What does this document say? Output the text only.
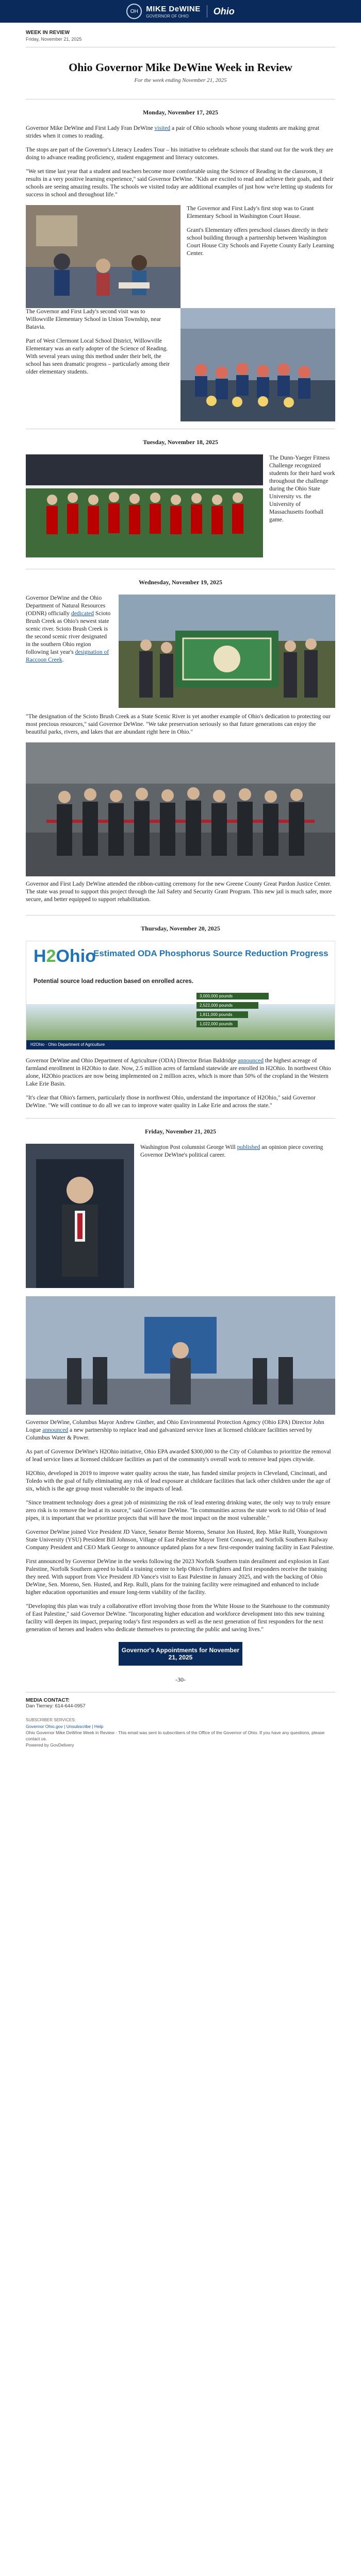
OH	MIKE DeWINE
GOVERNOR OF OHIO	Ohio
WEEK IN REVIEW
Friday, November 21, 2025
Ohio Governor Mike DeWine Week in Review
For the week ending November 21, 2025
Monday, November 17, 2025

Governor Mike DeWine and First Lady Fran DeWine visited a pair of Ohio schools whose young students are making great strides when it comes to reading.

The stops are part of the Governor's Literacy Leaders Tour – his initiative to celebrate schools that stand out for the work they are doing to advance reading proficiency, student engagement and literacy outcomes.

"We set time last year that a student and teachers become more comfortable using the Science of Reading in the classroom, it results in a very positive learning experience," said Governor DeWine. "Kids are excited to read and achieve their goals, and their schools are seeing amazing results. The schools we visited today are additional examples of just how we're letting up students for success in school and throughout life."

The Governor and First Lady's first stop was to Grant Elementary School in Washington Court House.

Grant's Elementary offers preschool classes directly in their school building through a partnership between Washington Court House City Schools and Fayette County Early Learning Center.

The Governor and First Lady's second visit was to Willowville Elementary School in Union Township, near Batavia.

Part of West Clermont Local School District, Willowville Elementary was an early adopter of the Science of Reading. With several years using this method under their belt, the school has seen dramatic progress – particularly among their older elementary students.

Tuesday, November 18, 2025

The Dunn-Yaeger Fitness Challenge recognized students for their hard work throughout the challenge during the Ohio State University vs. the University of Massachusetts football game.

Wednesday, November 19, 2025

Governor DeWine and the Ohio Department of Natural Resources (ODNR) officially dedicated Scioto Brush Creek as Ohio's newest state scenic river. Scioto Brush Creek is the second scenic river designated in the southern Ohio region following last year's designation of Raccoon Creek.

"The designation of the Scioto Brush Creek as a State Scenic River is yet another example of Ohio's dedication to protecting our most precious resources," said Governor DeWine. "We take preservation seriously so that future generations can enjoy the beautiful parks, rivers, and lakes that are abundant right here in Ohio."

Governor and First Lady DeWine attended the ribbon-cutting ceremony for the new Greene County Great Pardon Justice Center. The state was proud to support this project through the Jail Safety and Security Grant Program. This new jail is much safer, more secure, and better equipped to support rehabilitation.

Thursday, November 20, 2025
H2Ohio
Estimated ODA Phosphorus Source Reduction Progress
Potential source load reduction based on enrolled acres.
3,000,000 pounds
2,522,000 pounds
1,811,000 pounds
1,022,000 pounds
H2Ohio · Ohio Department of Agriculture

Governor DeWine and Ohio Department of Agriculture (ODA) Director Brian Baldridge announced the highest acreage of farmland enrollment in H2Ohio to date. Now, 2.5 million acres of farmland statewide are enrolled in H2Ohio. In northwest Ohio alone, H2Ohio practices are now being implemented on 2 million acres, which is more than 50% of the cropland in the Western Lake Erie Basin.

"It's clear that Ohio's farmers, particularly those in northwest Ohio, understand the importance of H2Ohio," said Governor DeWine. "We will continue to do all we can to improve water quality in Lake Erie and across the state."

Friday, November 21, 2025

Washington Post columnist George Will published an opinion piece covering Governor DeWine's political career.

Governor DeWine, Columbus Mayor Andrew Ginther, and Ohio Environmental Protection Agency (Ohio EPA) Director John Logue announced a new partnership to replace lead and galvanized service lines at licensed childcare facilities served by Columbus Water & Power.

As part of Governor DeWine's H2Ohio initiative, Ohio EPA awarded $300,000 to the City of Columbus to prioritize the removal of lead service lines at licensed childcare facilities as part of the community's overall work to remove lead pipes citywide.

H2Ohio, developed in 2019 to improve water quality across the state, has funded similar projects in Cleveland, Cincinnati, and Toledo with the goal of fully eliminating any risk of lead exposure at childcare facilities that lack other children under the age of six, which is the age group most vulnerable to the impacts of lead.

"Since treatment technology does a great job of minimizing the risk of lead entering drinking water, the only way to truly ensure zero risk is to remove the lead at its source," said Governor DeWine. "In communities across the state work to rid Ohio of lead pipes, it is important that we prioritize projects that will have the most impact on the most vulnerable."

Governor DeWine joined Vice President JD Vance, Senator Bernie Moreno, Senator Jon Husted, Rep. Mike Rulli, Youngstown State University (YSU) President Bill Johnson, Village of East Palestine Mayor Trent Conaway, and Norfolk Southern Railway Company President and CEO Mark George to announce updated plans for a new first-responder training facility in East Palestine.

First announced by Governor DeWine in the weeks following the 2023 Norfolk Southern train derailment and explosion in East Palestine, Norfolk Southern agreed to build a training center to help Ohio's firefighters and first responders receive the training they need. With support from Vice President JD Vance's visit to East Palestine in January 2025, and with the backing of Ohio DeWine, Sen. Moreno, Sen. Husted, and Rep. Rulli, plans for the training facility were reimagined and enhanced to include higher education opportunities and ensure long-term viability of the facility.

"Developing this plan was truly a collaborative effort involving those from the White House to the Statehouse to the community of East Palestine," said Governor DeWine. "Incorporating higher education and workforce development into this new training facility will deepen its impact, preparing today's first responders as well as the next generation of first responders for the next generation of heroes and leaders who dedicate themselves to protecting the public and saving lives."

Governor's Appointments for November 21, 2025
-30-
MEDIA CONTACT:
Dan Tierney: 614-644-0957
SUBSCRIBER SERVICES:
Governor Ohio.gov | Unsubscribe | Help
Ohio Governor Mike DeWine Week in Review · This email was sent to subscribers of the Office of the Governor of Ohio. If you have any questions, please contact us.
Powered by GovDelivery
